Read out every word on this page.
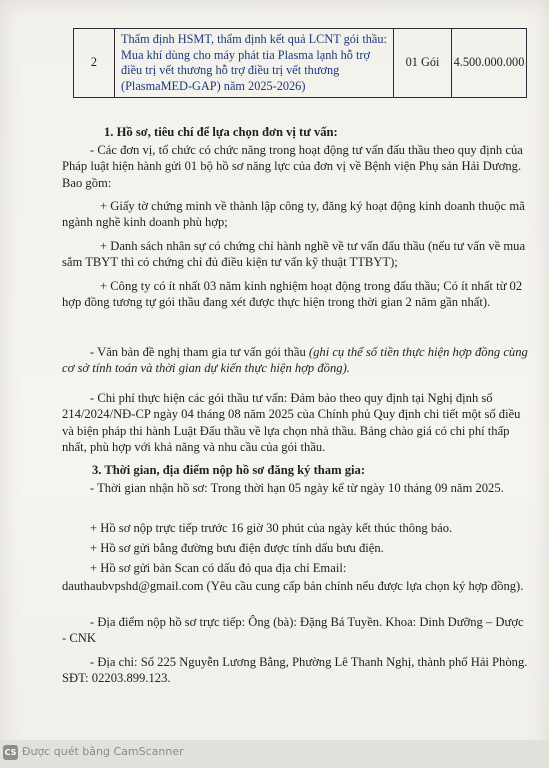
2	Thẩm định HSMT, thẩm định kết quả LCNT gói thầu: Mua khí dùng cho máy phát tia Plasma lạnh hỗ trợ điều trị vết thương hỗ trợ điều trị vết thương (PlasmaMED-GAP) năm 2025-2026)	01 Gói	4.500.000.000

1. Hồ sơ, tiêu chí để lựa chọn đơn vị tư vấn:

- Các đơn vị, tổ chức có chức năng trong hoạt động tư vấn đấu thầu theo quy định của Pháp luật hiện hành gửi 01 bộ hồ sơ năng lực của đơn vị về Bệnh viện Phụ sản Hải Dương. Bao gồm:

+ Giấy tờ chứng minh về thành lập công ty, đăng ký hoạt động kinh doanh thuộc mã ngành nghề kinh doanh phù hợp;

+ Danh sách nhân sự có chứng chỉ hành nghề về tư vấn đấu thầu (nếu tư vấn về mua sắm TBYT thì có chứng chỉ đủ điều kiện tư vấn kỹ thuật TTBYT);

+ Công ty có ít nhất 03 năm kinh nghiệm hoạt động trong đấu thầu; Có ít nhất từ 02 hợp đồng tương tự gói thầu đang xét được thực hiện trong thời gian 2 năm gần nhất).

- Văn bản đề nghị tham gia tư vấn gói thầu (ghi cụ thể số tiền thực hiện hợp đồng cùng cơ sở tính toán và thời gian dự kiến thực hiện hợp đồng).

- Chi phí thực hiện các gói thầu tư vấn: Đảm bảo theo quy định tại Nghị định số 214/2024/NĐ-CP ngày 04 tháng 08 năm 2025 của Chính phủ Quy định chi tiết một số điều và biện pháp thi hành Luật Đấu thầu về lựa chọn nhà thầu. Bảng chào giá có chi phí thấp nhất, phù hợp với khả năng và nhu cầu của gói thầu.

3. Thời gian, địa điểm nộp hồ sơ đăng ký tham gia:

- Thời gian nhận hồ sơ: Trong thời hạn 05 ngày kể từ ngày 10 tháng 09 năm 2025.

+ Hồ sơ nộp trực tiếp trước 16 giờ 30 phút của ngày kết thúc thông báo.

+ Hồ sơ gửi bằng đường bưu điện được tính dấu bưu điện.

+ Hồ sơ gửi bản Scan có dấu đỏ qua địa chỉ Email:

dauthaubvpshd@gmail.com (Yêu cầu cung cấp bản chính nếu được lựa chọn ký hợp đồng).

- Địa điểm nộp hồ sơ trực tiếp: Ông (bà): Đặng Bá Tuyền. Khoa: Dinh Dưỡng – Dược - CNK

- Địa chỉ: Số 225 Nguyễn Lương Bằng, Phường Lê Thanh Nghị, thành phố Hải Phòng. SĐT: 02203.899.123.

CS Được quét bằng CamScanner
